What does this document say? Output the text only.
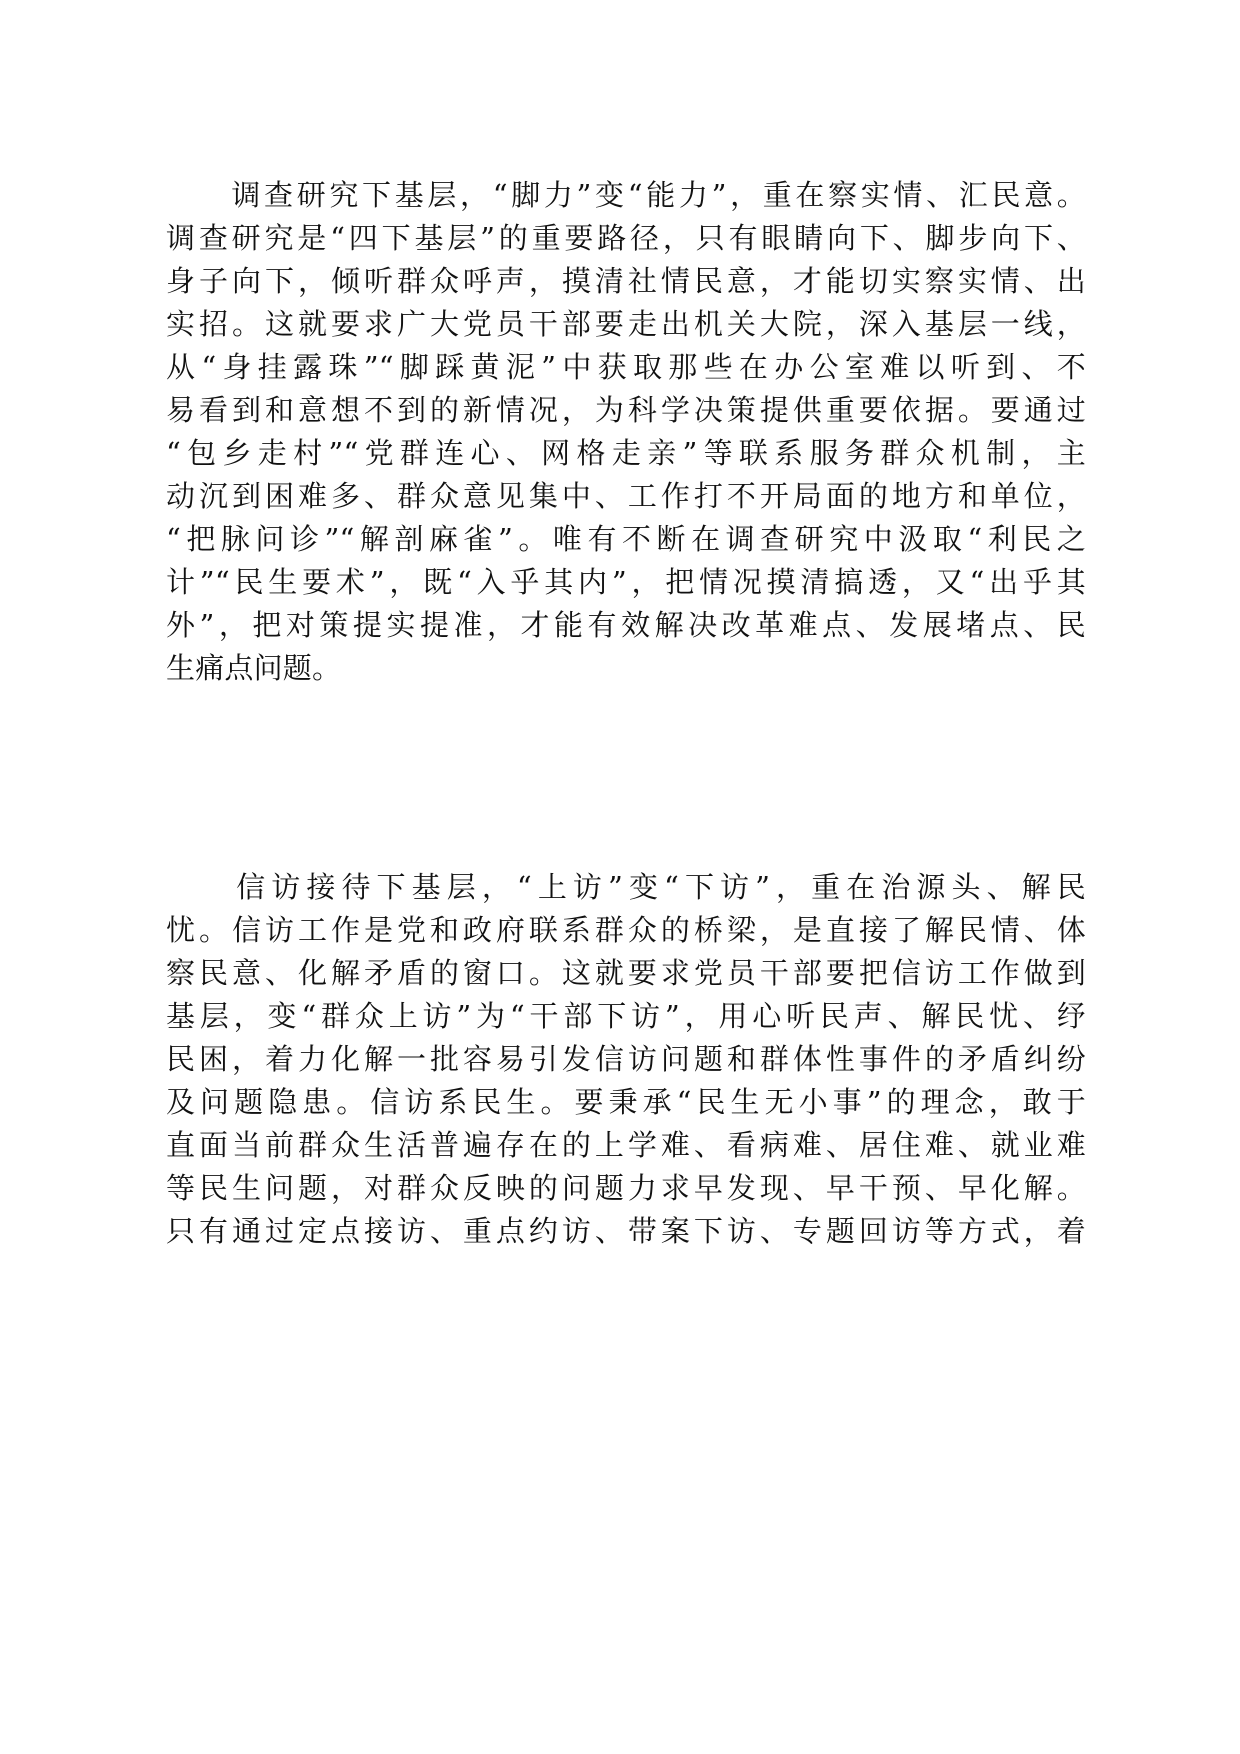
　　调查研究下基层，“脚力”变“能力”，重在察实情、汇民意。
调查研究是“四下基层”的重要路径，只有眼睛向下、脚步向下、
身子向下，倾听群众呼声，摸清社情民意，才能切实察实情、出
实招。这就要求广大党员干部要走出机关大院，深入基层一线，
从“身挂露珠”“脚踩黄泥”中获取那些在办公室难以听到、不
易看到和意想不到的新情况，为科学决策提供重要依据。要通过
“包乡走村”“党群连心、网格走亲”等联系服务群众机制，主
动沉到困难多、群众意见集中、工作打不开局面的地方和单位，
“把脉问诊”“解剖麻雀”。唯有不断在调查研究中汲取“利民之
计”“民生要术”，既“入乎其内”，把情况摸清搞透，又“出乎其
外”，把对策提实提准，才能有效解决改革难点、发展堵点、民
生痛点问题。
　　信访接待下基层，“上访”变“下访”，重在治源头、解民
忧。信访工作是党和政府联系群众的桥梁，是直接了解民情、体
察民意、化解矛盾的窗口。这就要求党员干部要把信访工作做到
基层，变“群众上访”为“干部下访”，用心听民声、解民忧、纾
民困，着力化解一批容易引发信访问题和群体性事件的矛盾纠纷
及问题隐患。信访系民生。要秉承“民生无小事”的理念，敢于
直面当前群众生活普遍存在的上学难、看病难、居住难、就业难
等民生问题，对群众反映的问题力求早发现、早干预、早化解。
只有通过定点接访、重点约访、带案下访、专题回访等方式，着
